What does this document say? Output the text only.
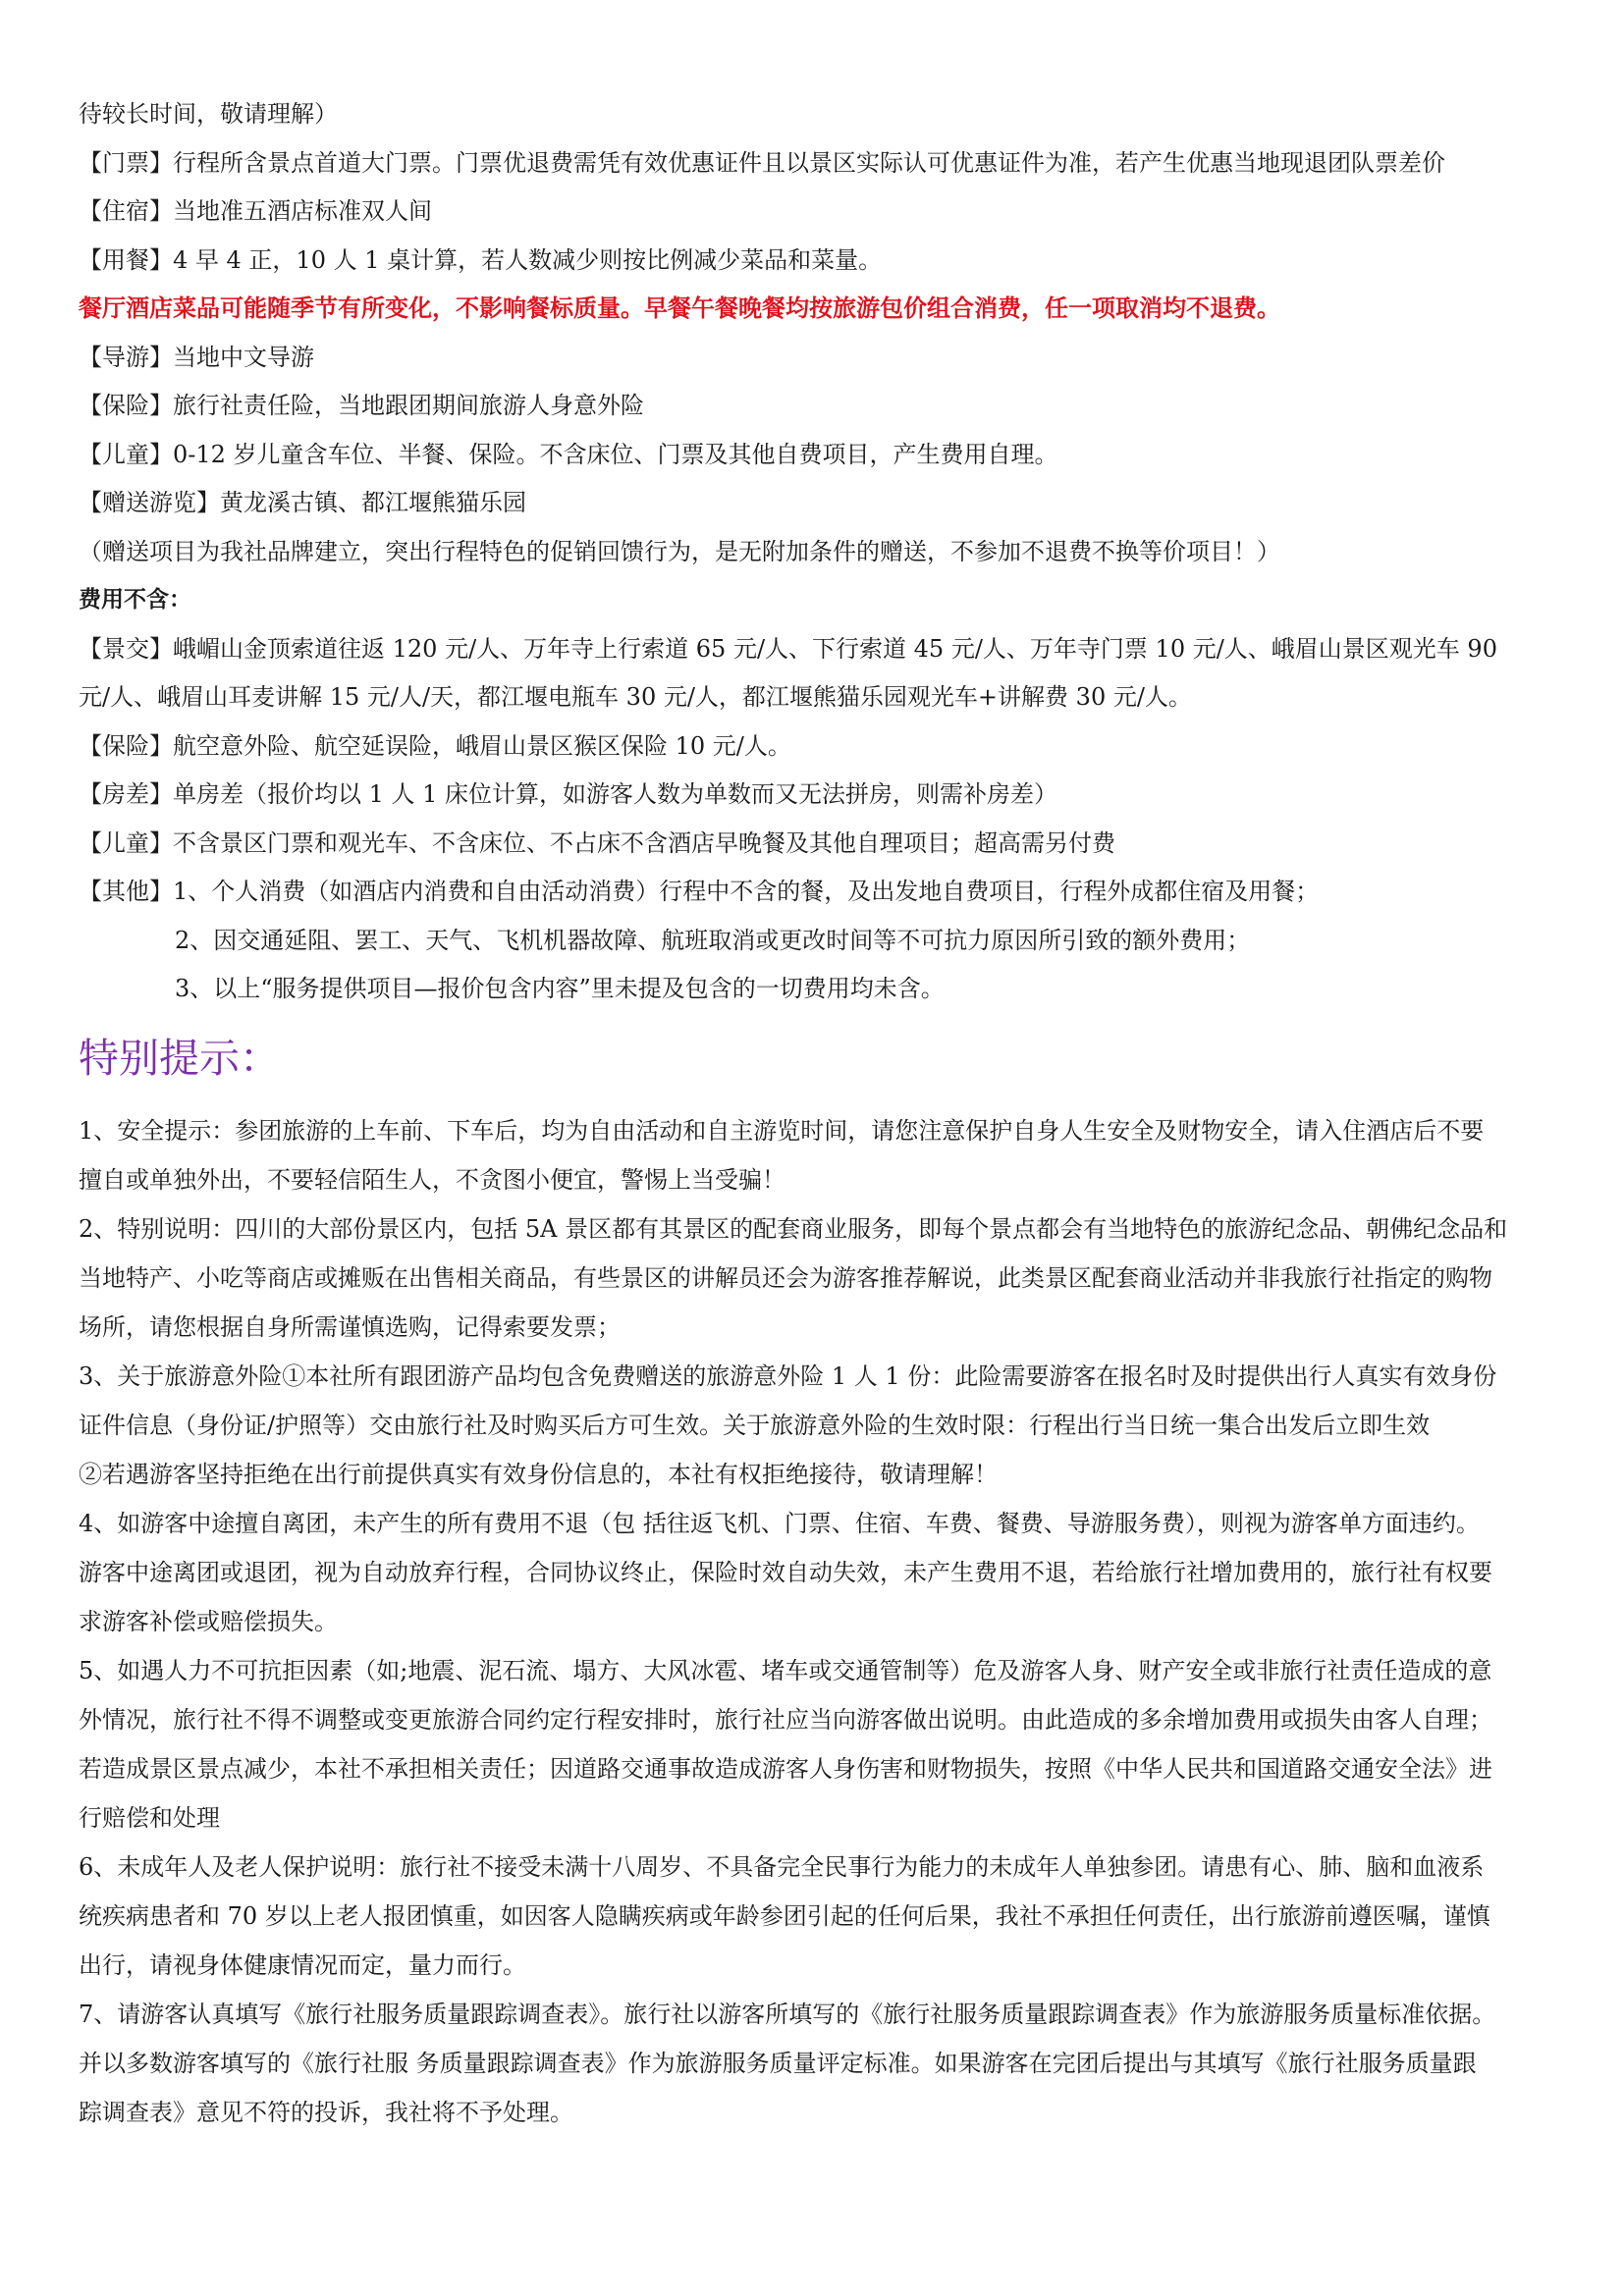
待较长时间，敬请理解）
【门票】行程所含景点首道大门票。门票优退费需凭有效优惠证件且以景区实际认可优惠证件为准，若产生优惠当地现退团队票差价
【住宿】当地准五酒店标准双人间
【用餐】4 早 4 正，10 人 1 桌计算，若人数减少则按比例减少菜品和菜量。
餐厅酒店菜品可能随季节有所变化，不影响餐标质量。早餐午餐晚餐均按旅游包价组合消费，任一项取消均不退费。
【导游】当地中文导游
【保险】旅行社责任险，当地跟团期间旅游人身意外险
【儿童】0-12 岁儿童含车位、半餐、保险。不含床位、门票及其他自费项目，产生费用自理。
【赠送游览】黄龙溪古镇、都江堰熊猫乐园
（赠送项目为我社品牌建立，突出行程特色的促销回馈行为，是无附加条件的赠送，不参加不退费不换等价项目！）
费用不含：
【景交】峨嵋山金顶索道往返 120 元/人、万年寺上行索道 65 元/人、下行索道 45 元/人、万年寺门票 10 元/人、峨眉山景区观光车 90
元/人、峨眉山耳麦讲解 15 元/人/天，都江堰电瓶车 30 元/人，都江堰熊猫乐园观光车+讲解费 30 元/人。
【保险】航空意外险、航空延误险，峨眉山景区猴区保险 10 元/人。
【房差】单房差（报价均以 1 人 1 床位计算，如游客人数为单数而又无法拼房，则需补房差）
【儿童】不含景区门票和观光车、不含床位、不占床不含酒店早晚餐及其他自理项目；超高需另付费
【其他】1、个人消费（如酒店内消费和自由活动消费）行程中不含的餐，及出发地自费项目，行程外成都住宿及用餐；
2、因交通延阻、罢工、天气、飞机机器故障、航班取消或更改时间等不可抗力原因所引致的额外费用；
3、以上“服务提供项目—报价包含内容”里未提及包含的一切费用均未含。
特别提示：
1、安全提示：参团旅游的上车前、下车后，均为自由活动和自主游览时间，请您注意保护自身人生安全及财物安全，请入住酒店后不要
擅自或单独外出，不要轻信陌生人，不贪图小便宜，警惕上当受骗！
2、特别说明：四川的大部份景区内，包括 5A 景区都有其景区的配套商业服务，即每个景点都会有当地特色的旅游纪念品、朝佛纪念品和
当地特产、小吃等商店或摊贩在出售相关商品，有些景区的讲解员还会为游客推荐解说，此类景区配套商业活动并非我旅行社指定的购物
场所，请您根据自身所需谨慎选购，记得索要发票；
3、关于旅游意外险①本社所有跟团游产品均包含免费赠送的旅游意外险 1 人 1 份：此险需要游客在报名时及时提供出行人真实有效身份
证件信息（身份证/护照等）交由旅行社及时购买后方可生效。关于旅游意外险的生效时限：行程出行当日统一集合出发后立即生效
②若遇游客坚持拒绝在出行前提供真实有效身份信息的，本社有权拒绝接待，敬请理解！
4、如游客中途擅自离团，未产生的所有费用不退（包 括往返飞机、门票、住宿、车费、餐费、导游服务费），则视为游客单方面违约。
游客中途离团或退团，视为自动放弃行程，合同协议终止，保险时效自动失效，未产生费用不退，若给旅行社增加费用的，旅行社有权要
求游客补偿或赔偿损失。
5、如遇人力不可抗拒因素（如;地震、泥石流、塌方、大风冰雹、堵车或交通管制等）危及游客人身、财产安全或非旅行社责任造成的意
外情况，旅行社不得不调整或变更旅游合同约定行程安排时，旅行社应当向游客做出说明。由此造成的多余增加费用或损失由客人自理；
若造成景区景点减少，本社不承担相关责任；因道路交通事故造成游客人身伤害和财物损失，按照《中华人民共和国道路交通安全法》进
行赔偿和处理
6、未成年人及老人保护说明：旅行社不接受未满十八周岁、不具备完全民事行为能力的未成年人单独参团。请患有心、肺、脑和血液系
统疾病患者和 70 岁以上老人报团慎重，如因客人隐瞒疾病或年龄参团引起的任何后果，我社不承担任何责任，出行旅游前遵医嘱，谨慎
出行，请视身体健康情况而定，量力而行。
7、请游客认真填写《旅行社服务质量跟踪调查表》。旅行社以游客所填写的《旅行社服务质量跟踪调查表》作为旅游服务质量标准依据。
并以多数游客填写的《旅行社服 务质量跟踪调查表》作为旅游服务质量评定标准。如果游客在完团后提出与其填写《旅行社服务质量跟
踪调查表》意见不符的投诉，我社将不予处理。
